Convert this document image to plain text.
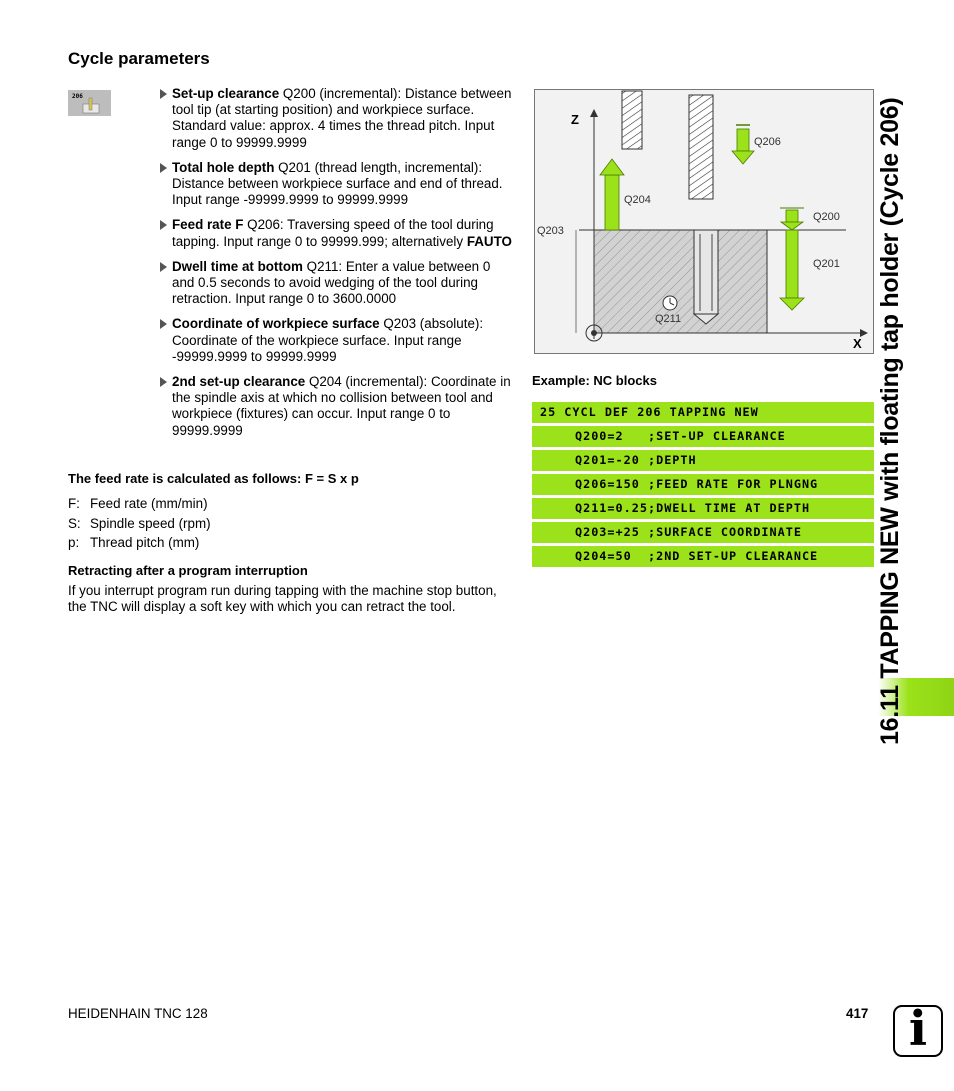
Cycle parameters
206	Set-up clearance Q200 (incremental): Distance between tool tip (at starting position) and workpiece surface. Standard value: approx. 4 times the thread pitch. Input range 0 to 99999.9999
Total hole depth Q201 (thread length, incremental): Distance between workpiece surface and end of thread. Input range -99999.9999 to 99999.9999
Feed rate F Q206: Traversing speed of the tool during tapping. Input range 0 to 99999.999; alternatively FAUTO
Dwell time at bottom Q211: Enter a value between 0 and 0.5 seconds to avoid wedging of the tool during retraction. Input range 0 to 3600.0000
Coordinate of workpiece surface Q203 (absolute): Coordinate of the workpiece surface. Input range -99999.9999 to 99999.9999
2nd set-up clearance Q204 (incremental): Coordinate in the spindle axis at which no collision between tool and workpiece (fixtures) can occur. Input range 0 to 99999.9999
The feed rate is calculated as follows: F = S x p
F: Feed rate (mm/min)
S: Spindle speed (rpm)
p: Thread pitch (mm)
Retracting after a program interruption
If you interrupt program run during tapping with the machine stop button, the TNC will display a soft key with which you can retract the tool.
Z
X
Q206
Q204
Q200
Q203
Q201
Q211
Example: NC blocks
25 CYCL DEF 206 TAPPING NEW
Q200=2 ;SET-UP CLEARANCE
Q201=-20 ;DEPTH
Q206=150 ;FEED RATE FOR PLNGNG
Q211=0.25 ;DWELL TIME AT DEPTH
Q203=+25 ;SURFACE COORDINATE
Q204=50 ;2ND SET-UP CLEARANCE 16.11 TAPPING NEW with floating tap holder (Cycle 206)
HEIDENHAIN TNC 128	417 i
